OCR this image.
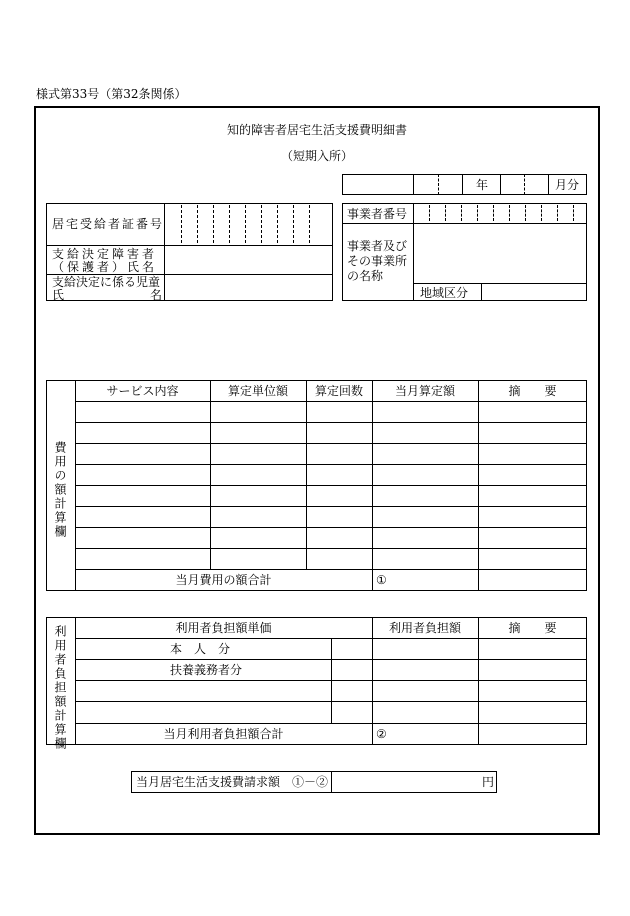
様式第33号（第32条関係）
知的障害者居宅生活支援費明細書
（短期入所）
年	月分
居宅受給者証番号
支給決定障害者
（保護者）氏名
支給決定に係る児童
氏	名
事業者番号
事業者及び
その事業所
の名称
地域区分
費用の額計算欄
サービス内容	算定単位額	算定回数	当月算定額	摘　　要
当月費用の額合計	①
利用者負担額計算欄	利用者負担額単価	利用者負担額	摘　　要
本　人　分
扶養義務者分
当月利用者負担額合計	②
当月居宅生活支援費請求額　①－②	円
